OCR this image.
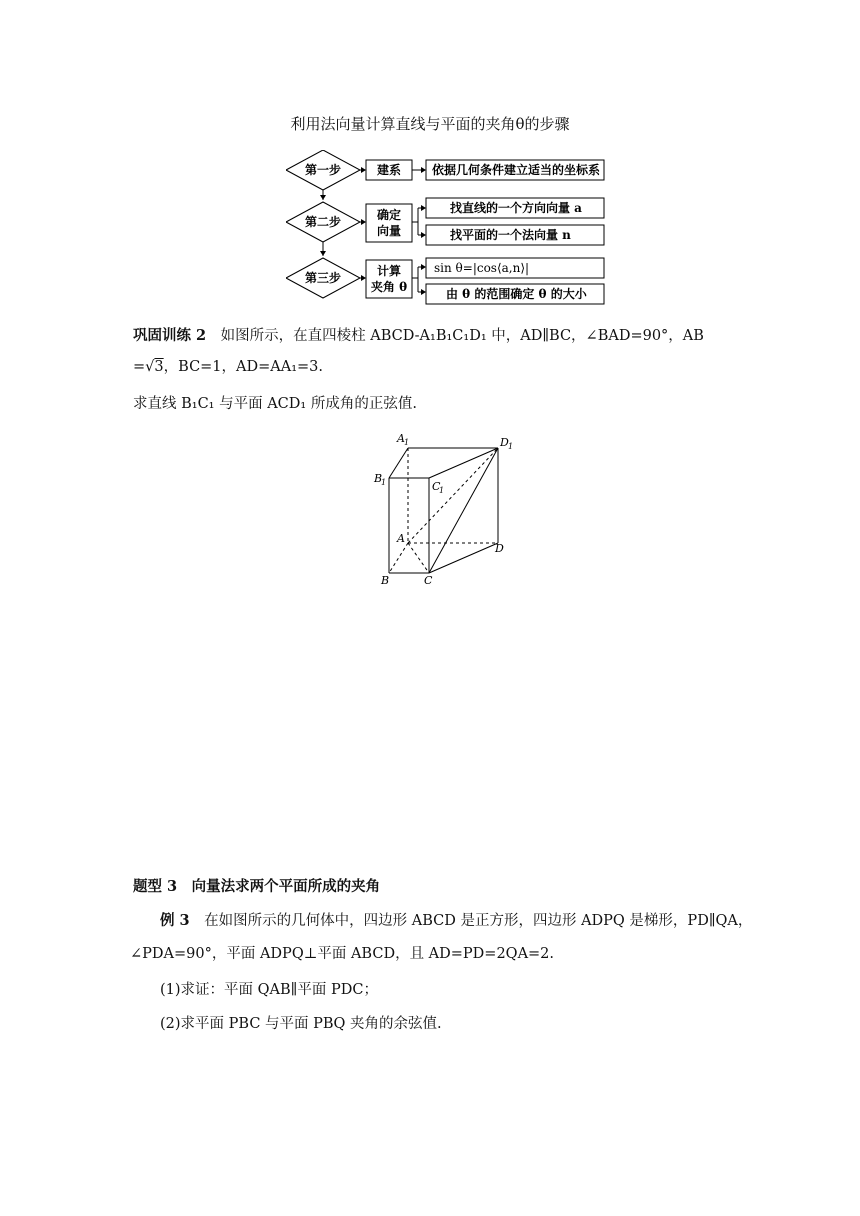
利用法向量计算直线与平面的夹角θ的步骤
第一步
第二步
第三步
建系
确定
向量
计算
夹角 θ
依据几何条件建立适当的坐标系
找直线的一个方向向量 a
找平面的一个法向量 n
sin θ=|cos⟨a,n⟩|
由 θ 的范围确定 θ 的大小
巩固训练 2　 如图所示，在直四棱柱 ABCD-A₁B₁C₁D₁ 中，AD∥BC，∠BAD=90°，AB
=√3，BC=1，AD=AA₁=3.
求直线 B₁C₁ 与平面 ACD₁ 所成角的正弦值.
A 1	D 1
B
1	C
1
A
D
B	C
题型 3　向量法求两个平面所成的夹角
例 3　 在如图所示的几何体中，四边形 ABCD 是正方形，四边形 ADPQ 是梯形，PD∥QA，
∠PDA=90°，平面 ADPQ⊥平面 ABCD，且 AD=PD=2QA=2.
(1)求证：平面 QAB∥平面 PDC；
(2)求平面 PBC 与平面 PBQ 夹角的余弦值.
